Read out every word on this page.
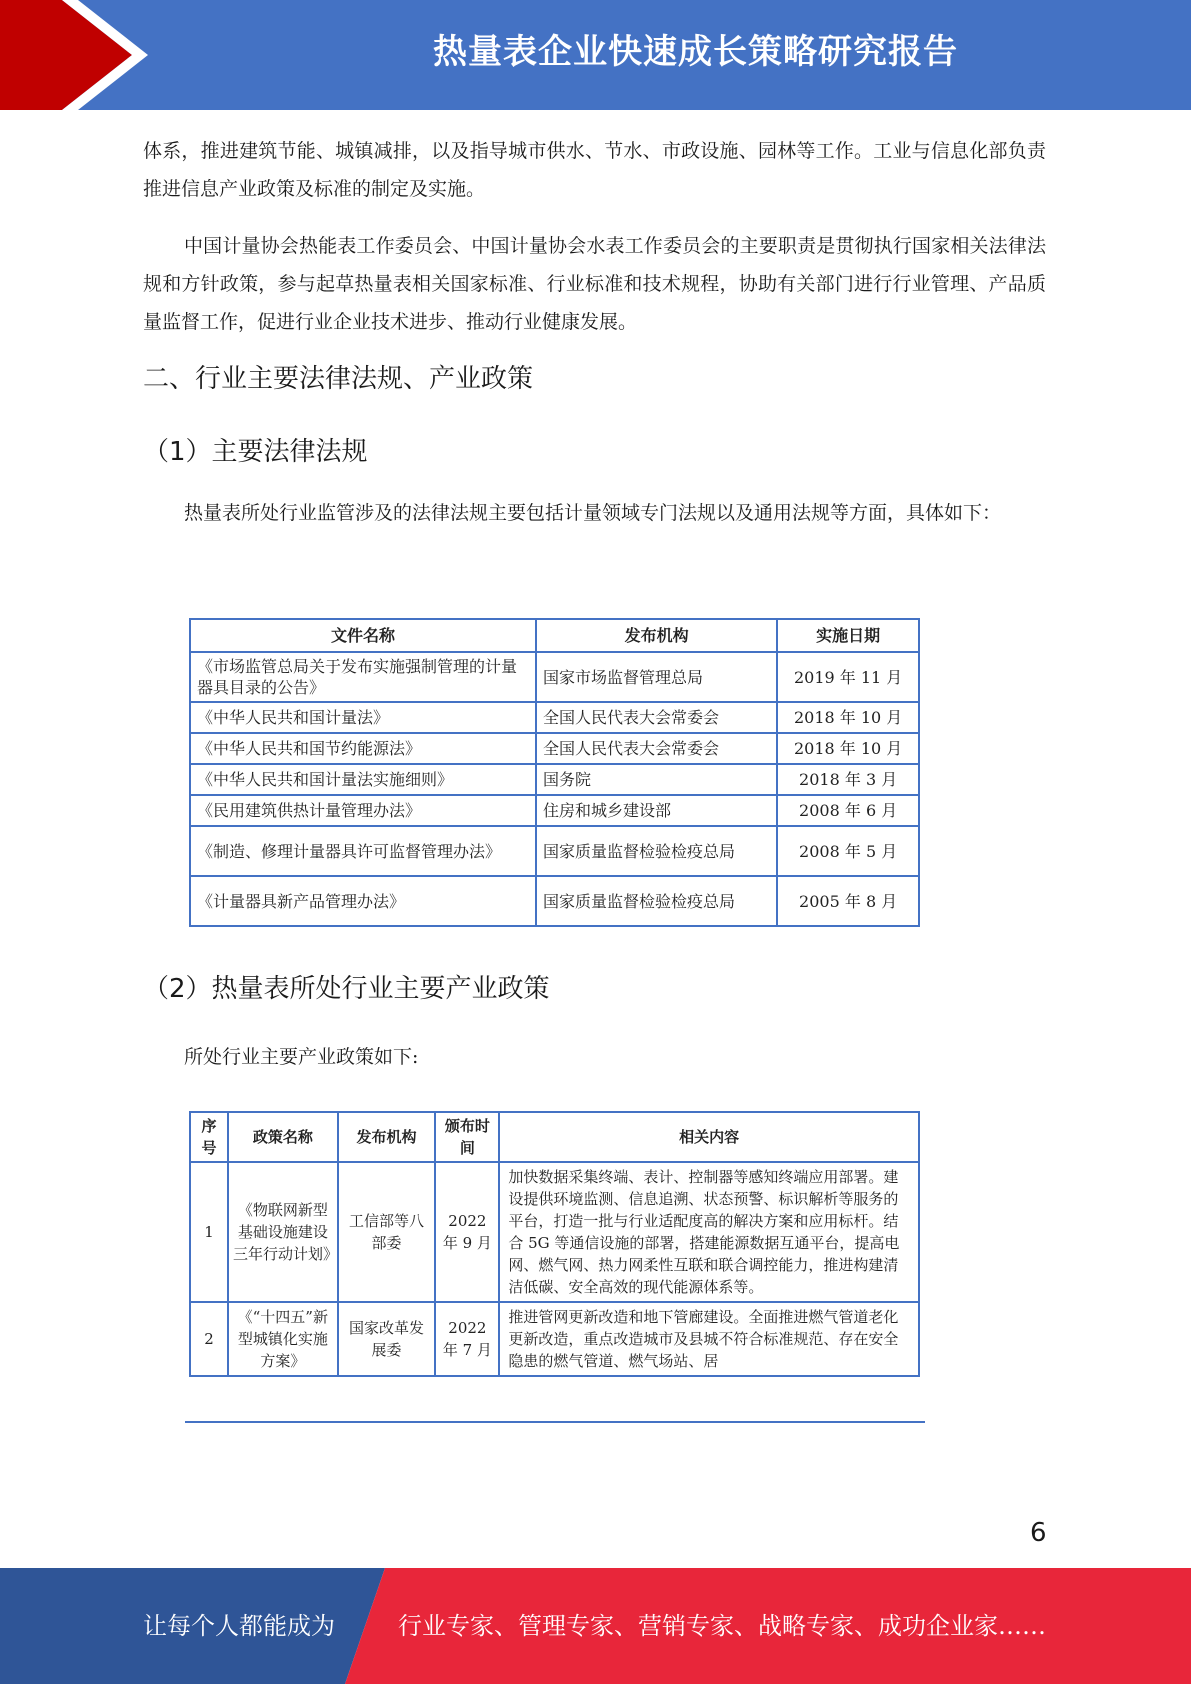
热量表企业快速成长策略研究报告

体系，推进建筑节能、城镇减排，以及指导城市供水、节水、市政设施、园林等工作。工业与信息化部负责推进信息产业政策及标准的制定及实施。

中国计量协会热能表工作委员会、中国计量协会水表工作委员会的主要职责是贯彻执行国家相关法律法规和方针政策，参与起草热量表相关国家标准、行业标准和技术规程，协助有关部门进行行业管理、产品质量监督工作，促进行业企业技术进步、推动行业健康发展。

二、行业主要法律法规、产业政策
（1）主要法律法规

热量表所处行业监管涉及的法律法规主要包括计量领域专门法规以及通用法规等方面，具体如下：

文件名称	发布机构	实施日期
《市场监管总局关于发布实施强制管理的计量器具目录的公告》	国家市场监督管理总局	2019 年 11 月
《中华人民共和国计量法》	全国人民代表大会常委会	2018 年 10 月
《中华人民共和国节约能源法》	全国人民代表大会常委会	2018 年 10 月
《中华人民共和国计量法实施细则》	国务院	2018 年 3 月
《民用建筑供热计量管理办法》	住房和城乡建设部	2008 年 6 月
《制造、修理计量器具许可监督管理办法》	国家质量监督检验检疫总局	2008 年 5 月
《计量器具新产品管理办法》	国家质量监督检验检疫总局	2005 年 8 月
（2）热量表所处行业主要产业政策

所处行业主要产业政策如下:

序号	政策名称	发布机构	颁布时间	相关内容
1	《物联网新型基础设施建设三年行动计划》	工信部等八部委	2022 年 9 月	加快数据采集终端、表计、控制器等感知终端应用部署。建设提供环境监测、信息追溯、状态预警、标识解析等服务的平台，打造一批与行业适配度高的解决方案和应用标杆。结合 5G 等通信设施的部署，搭建能源数据互通平台，提高电网、燃气网、热力网柔性互联和联合调控能力，推进构建清洁低碳、安全高效的现代能源体系等。
2	《“十四五”新型城镇化实施方案》	国家改革发展委	2022 年 7 月	推进管网更新改造和地下管廊建设。全面推进燃气管道老化更新改造，重点改造城市及县城不符合标准规范、存在安全隐患的燃气管道、燃气场站、居
6
让每个人都能成为	行业专家、管理专家、营销专家、战略专家、成功企业家……
